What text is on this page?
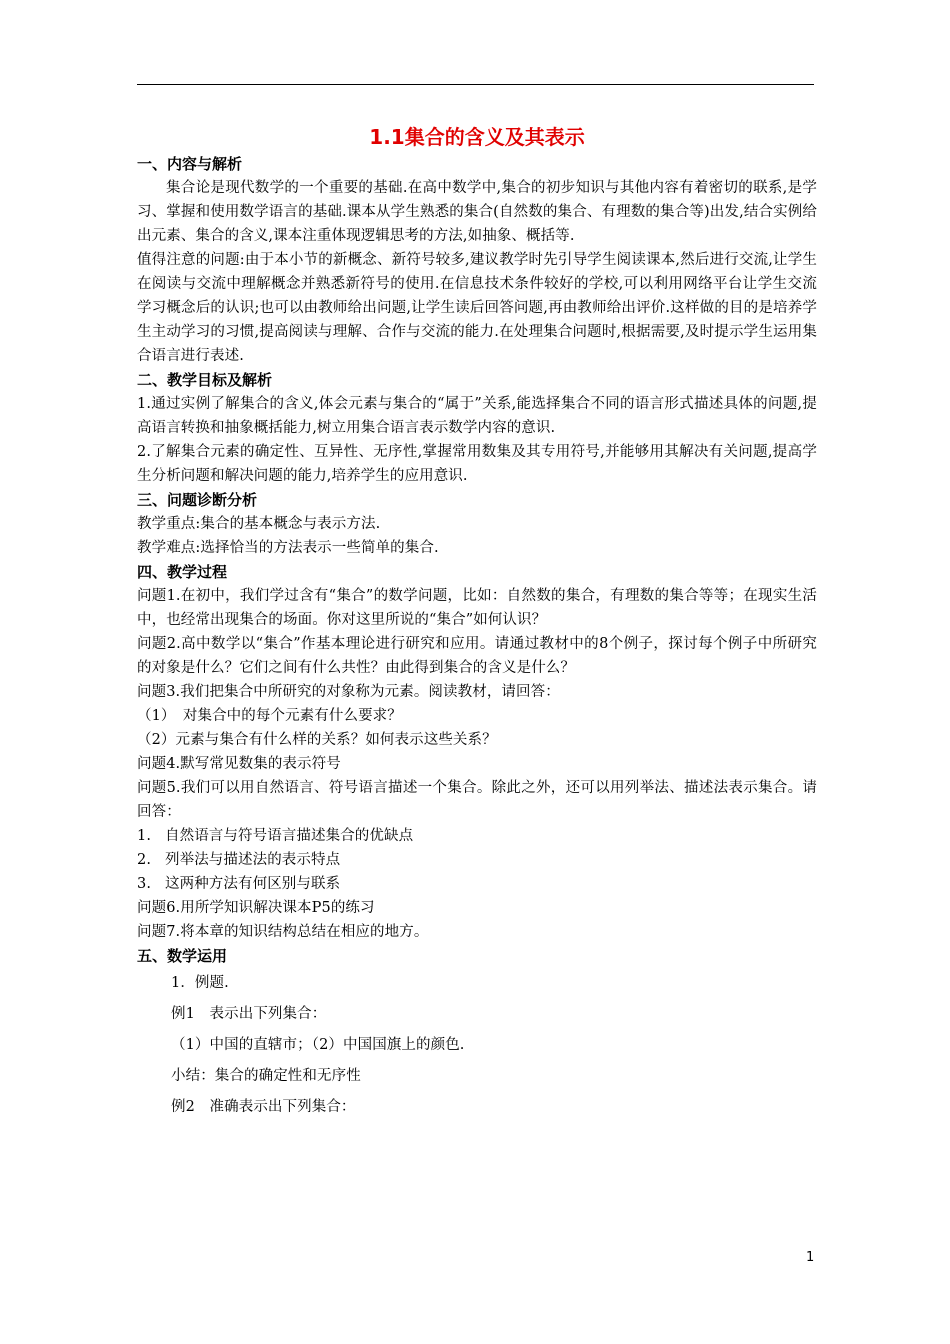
1.1集合的含义及其表示
一、内容与解析
集合论是现代数学的一个重要的基础.在高中数学中,集合的初步知识与其他内容有着密切的联系,是学习、掌握和使用数学语言的基础.课本从学生熟悉的集合(自然数的集合、有理数的集合等)出发,结合实例给出元素、集合的含义,课本注重体现逻辑思考的方法,如抽象、概括等.
值得注意的问题:由于本小节的新概念、新符号较多,建议教学时先引导学生阅读课本,然后进行交流,让学生在阅读与交流中理解概念并熟悉新符号的使用.在信息技术条件较好的学校,可以利用网络平台让学生交流学习概念后的认识;也可以由教师给出问题,让学生读后回答问题,再由教师给出评价.这样做的目的是培养学生主动学习的习惯,提高阅读与理解、合作与交流的能力.在处理集合问题时,根据需要,及时提示学生运用集合语言进行表述.
二、教学目标及解析
1.通过实例了解集合的含义,体会元素与集合的“属于”关系,能选择集合不同的语言形式描述具体的问题,提高语言转换和抽象概括能力,树立用集合语言表示数学内容的意识.
2.了解集合元素的确定性、互异性、无序性,掌握常用数集及其专用符号,并能够用其解决有关问题,提高学生分析问题和解决问题的能力,培养学生的应用意识.
三、问题诊断分析
教学重点:集合的基本概念与表示方法.
教学难点:选择恰当的方法表示一些简单的集合.
四、教学过程
问题1.在初中，我们学过含有“集合”的数学问题，比如：自然数的集合，有理数的集合等等；在现实生活中，也经常出现集合的场面。你对这里所说的“集合”如何认识？
问题2.高中数学以“集合”作基本理论进行研究和应用。请通过教材中的8个例子，探讨每个例子中所研究的对象是什么？它们之间有什么共性？由此得到集合的含义是什么？
问题3.我们把集合中所研究的对象称为元素。阅读教材，请回答：
（1）　对集合中的每个元素有什么要求？
（2）元素与集合有什么样的关系？如何表示这些关系？
问题4.默写常见数集的表示符号
问题5.我们可以用自然语言、符号语言描述一个集合。除此之外，还可以用列举法、描述法表示集合。请回答：
1. 自然语言与符号语言描述集合的优缺点
2. 列举法与描述法的表示特点
3. 这两种方法有何区别与联系
问题6.用所学知识解决课本P5的练习
问题7.将本章的知识结构总结在相应的地方。
五、数学运用
1．例题.
例1　表示出下列集合：
（1）中国的直辖市；（2）中国国旗上的颜色.
小结：集合的确定性和无序性
例2　准确表示出下列集合：
1
